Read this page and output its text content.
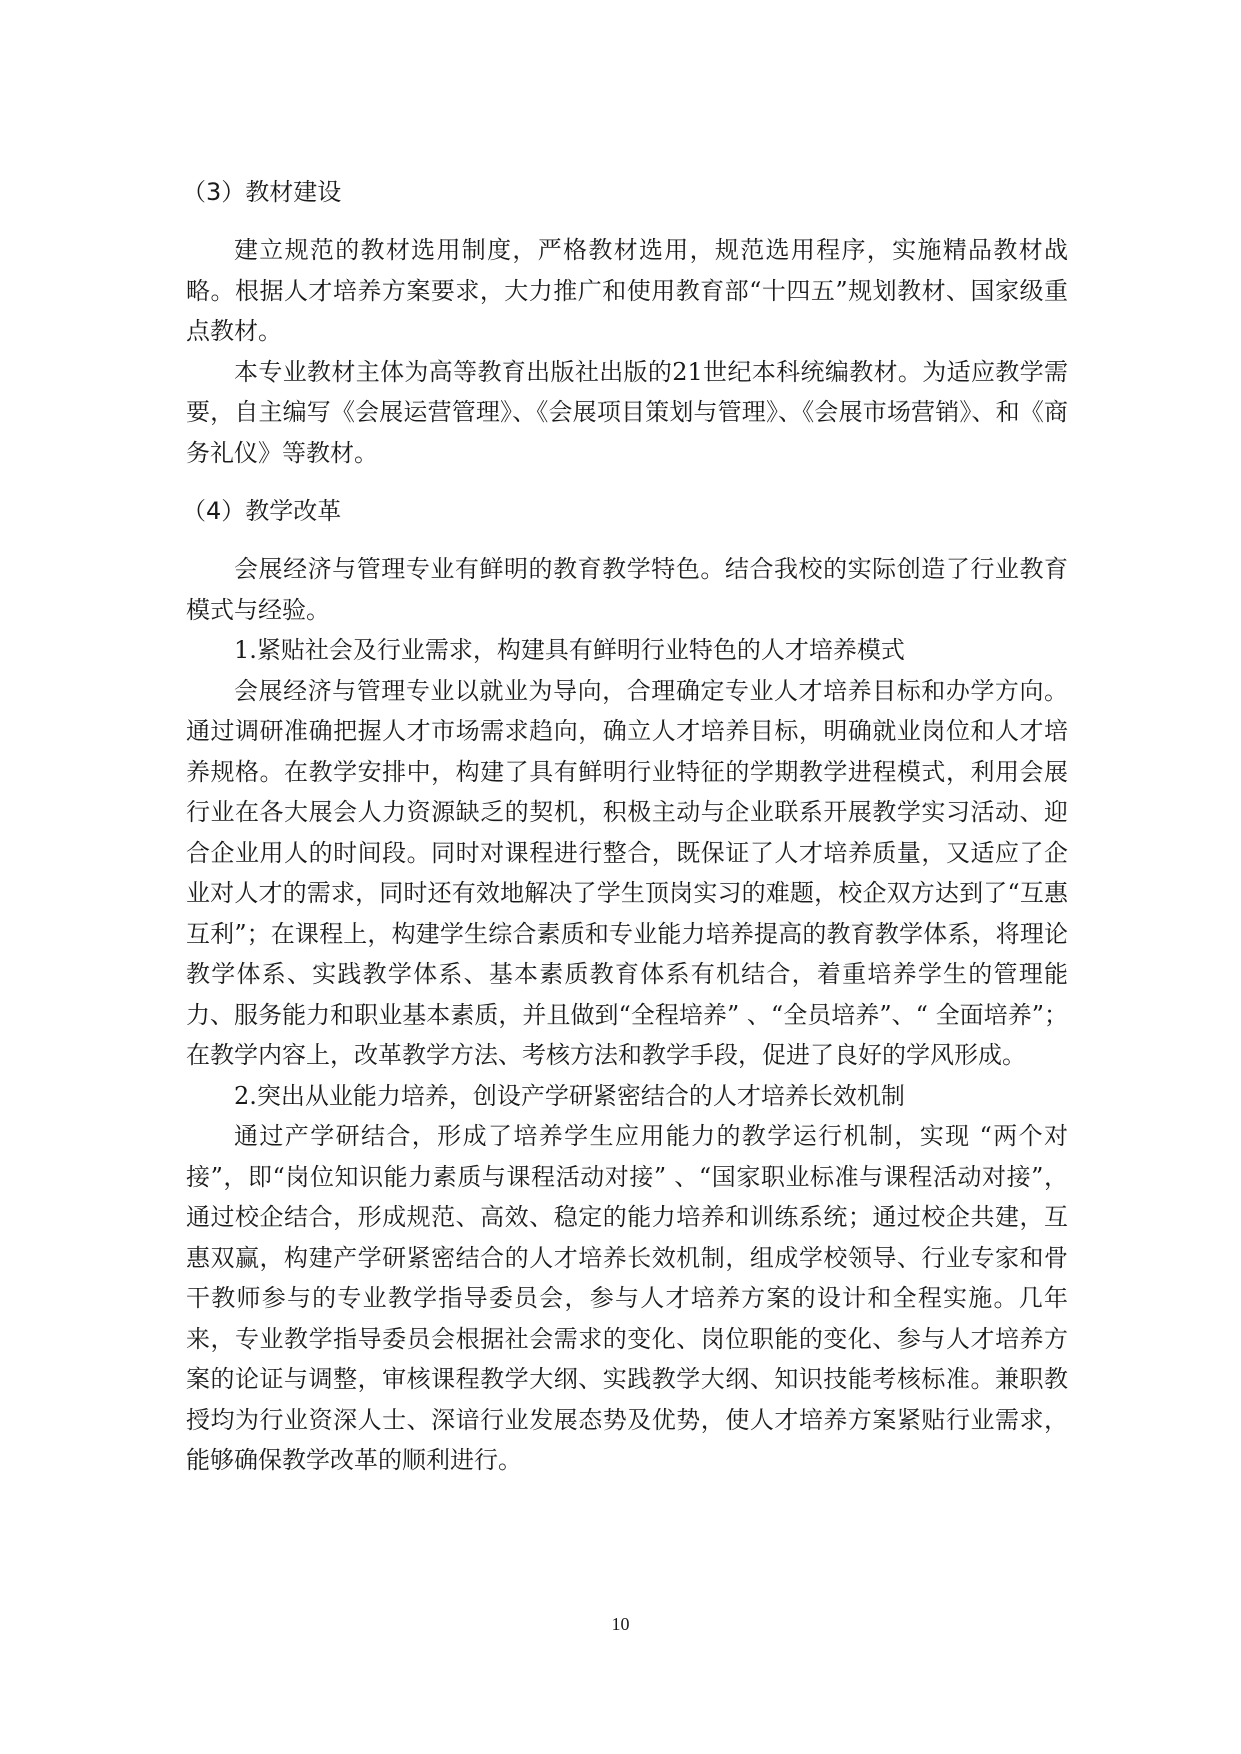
（3）教材建设

建立规范的教材选用制度，严格教材选用，规范选用程序，实施精品教材战略。根据人才培养方案要求，大力推广和使用教育部“十四五”规划教材、国家级重点教材。

本专业教材主体为高等教育出版社出版的21世纪本科统编教材。为适应教学需要，自主编写《会展运营管理》、《会展项目策划与管理》、《会展市场营销》、和《商务礼仪》等教材。

（4）教学改革

会展经济与管理专业有鲜明的教育教学特色。结合我校的实际创造了行业教育模式与经验。

1.紧贴社会及行业需求，构建具有鲜明行业特色的人才培养模式

会展经济与管理专业以就业为导向，合理确定专业人才培养目标和办学方向。通过调研准确把握人才市场需求趋向，确立人才培养目标，明确就业岗位和人才培养规格。在教学安排中，构建了具有鲜明行业特征的学期教学进程模式，利用会展行业在各大展会人力资源缺乏的契机，积极主动与企业联系开展教学实习活动、迎合企业用人的时间段。同时对课程进行整合，既保证了人才培养质量，又适应了企业对人才的需求，同时还有效地解决了学生顶岗实习的难题，校企双方达到了“互惠互利”；在课程上，构建学生综合素质和专业能力培养提高的教育教学体系，将理论教学体系、实践教学体系、基本素质教育体系有机结合，着重培养学生的管理能力、服务能力和职业基本素质，并且做到“全程培养” 、“全员培养”、“ 全面培养”；在教学内容上，改革教学方法、考核方法和教学手段，促进了良好的学风形成。

2.突出从业能力培养，创设产学研紧密结合的人才培养长效机制

通过产学研结合，形成了培养学生应用能力的教学运行机制，实现 “两个对接”，即“岗位知识能力素质与课程活动对接” 、“国家职业标准与课程活动对接”，通过校企结合，形成规范、高效、稳定的能力培养和训练系统；通过校企共建，互惠双赢，构建产学研紧密结合的人才培养长效机制，组成学校领导、行业专家和骨干教师参与的专业教学指导委员会，参与人才培养方案的设计和全程实施。几年来，专业教学指导委员会根据社会需求的变化、岗位职能的变化、参与人才培养方案的论证与调整，审核课程教学大纲、实践教学大纲、知识技能考核标准。兼职教授均为行业资深人士、深谙行业发展态势及优势，使人才培养方案紧贴行业需求，能够确保教学改革的顺利进行。

10
